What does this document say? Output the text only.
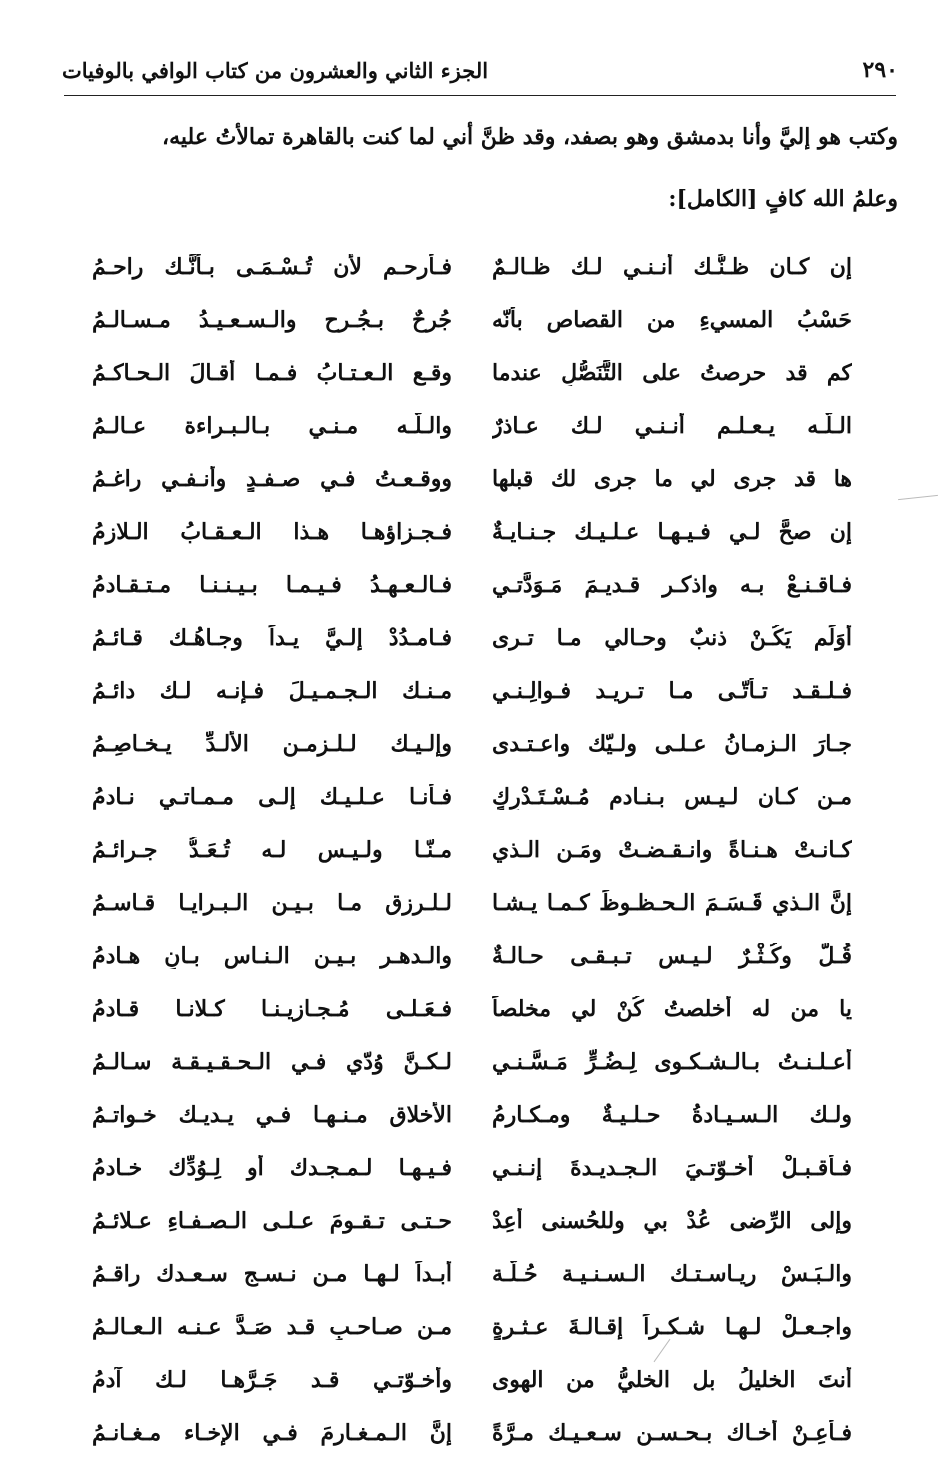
٢٩٠
الجزء الثاني والعشرون من كتاب الوافي بالوفيات
وكتب هو إليَّ وأنا بدمشق وهو بصفد، وقد ظنَّ أني لما كنت بالقاهرة تمالأتُ عليه،
وعلمُ الله كافٍ [الكامل]:
إن كـان ظـنُّـك أنـنـي لـك ظـالـمٌ
فـأرحـم لأن تُـسْـمَـى بـأنَّـك راحـمُ
حَسْبُ المسيءِ من القصاص بأنّه
جُرحٌ بـجُـرحٍ والـسـعـيـدُ مـسـالـمُ
كم قد حرصتُ على التَّنَصُّلِ عندما
وقـع الـعـتـابُ فـمـا أقـالَ الـحـاكـمُ
الـلّـه يـعـلـم أنـنـي لـك عـاذرٌ
والـلّـه مـنـي بـالـبـراءة عـالـمُ
ها قد جرى لي ما جرى لك قبلها
ووقـعـتُ فـي صـفـدٍ وأنـفـي راغـمُ
إن صحَّ لـي فـيـهـا عـلـيـك جـنـايـةٌ
فـجـزاؤهـا هـذا الـعـقـابُ الـلازمُ
فـاقـنـعْ بـه واذكـر قـديـمَ مَـوَدَّتـي
فـالـعـهـدُ فـيـمـا بـيـنـنـا مـتـقـادمُ
أوَلَم يَكُـنْ ذنبٌ وحـالي مـا تـرى
فـامـدُدْ إلـيَّ يـداً وجـاهُـك قـائـمُ
فـلـقـد تـأتّـى مـا تـريـد فـوالِـنـي
مـنـك الـجـمـيـلَ فـإنـه لـك دائـمُ
جـارَ الـزمـانُ عـلـى ولـيّك واعـتـدى
وإلـيـك لـلـزمـن الألـدِّ يـخـاصِـمُ
مـن كـان لـيـس بـنـادم مُـسْـتَـدْرِكٍ
فـأنـا عـلـيـك إلـى مـمـاتـي نـادمُ
كـانـتْ هـنـاةً وانـقـضـتْ ومَـنِ الـذي
مـنّـا ولـيـس لـه تُـعَـدُّ جـرائـمُ
إنَّ الـذي قَـسَـمَ الـحـظـوظَ كـمـا يـشـا
لـلـرزقِ مـا بـيـن الـبـرايـا قـاسـمُ
قُـلٌّ وكُـثْـرٌ لـيـس تـبـقـى حـالـةٌ
والـدهـر بـيـن الـنـاس بـانٍ هـادمُ
يا من له أخلصتُ كُنْ لي مخلصاً
فـعَـلـى مُـجـازيـنـا كـلانـا قـادمُ
أعـلـنـتُ بـالـشـكـوى لِـضُـرٍّ مَـسَّـنـي
لـكـنَّ وُدّي فـي الـحـقـيـقـة سـالـمُ
ولـك الـسـيـادةُ حـلـيـةٌ ومـكـارمُ
الأخلاقِ مـنـهـا فـي يـديـك خـواتـمُ
فـأقـبـلْ أخـوّتـيَ الـجـديـدةَ إنـنـي
فـيـهـا لـمـجـدك أو لِـوُدِّك خـادمُ
وإلى الرِّضى عُدْ بي وللحُسنى أعِدْ
حـتـى تـقـومَ عـلـى الـصـفـاءِ عـلائـمُ
والـبَـسْ ريـاسـتـك الـسـنـيـة حُـلّـة
أبـداً لـهـا مـن نـسـج سـعـدك راقـمُ
واجـعـلْ لـهـا شـكـراً إقـالـةَ عـثـرةٍ
مـن صـاحـبٍ قـد صَـدَّ عـنـه الـعـالـمُ
أنتَ الخليلُ بل الخليُّ من الهوى
وأخـوّتـي قـد جَـرَّهـا لـك آدمُ
فـأعِـنْ أخـاك بـحـسـن سـعـيـك مـرَّةً
إنَّ الـمـغـارمَ فـي الإخـاء مـغـانـمُ
